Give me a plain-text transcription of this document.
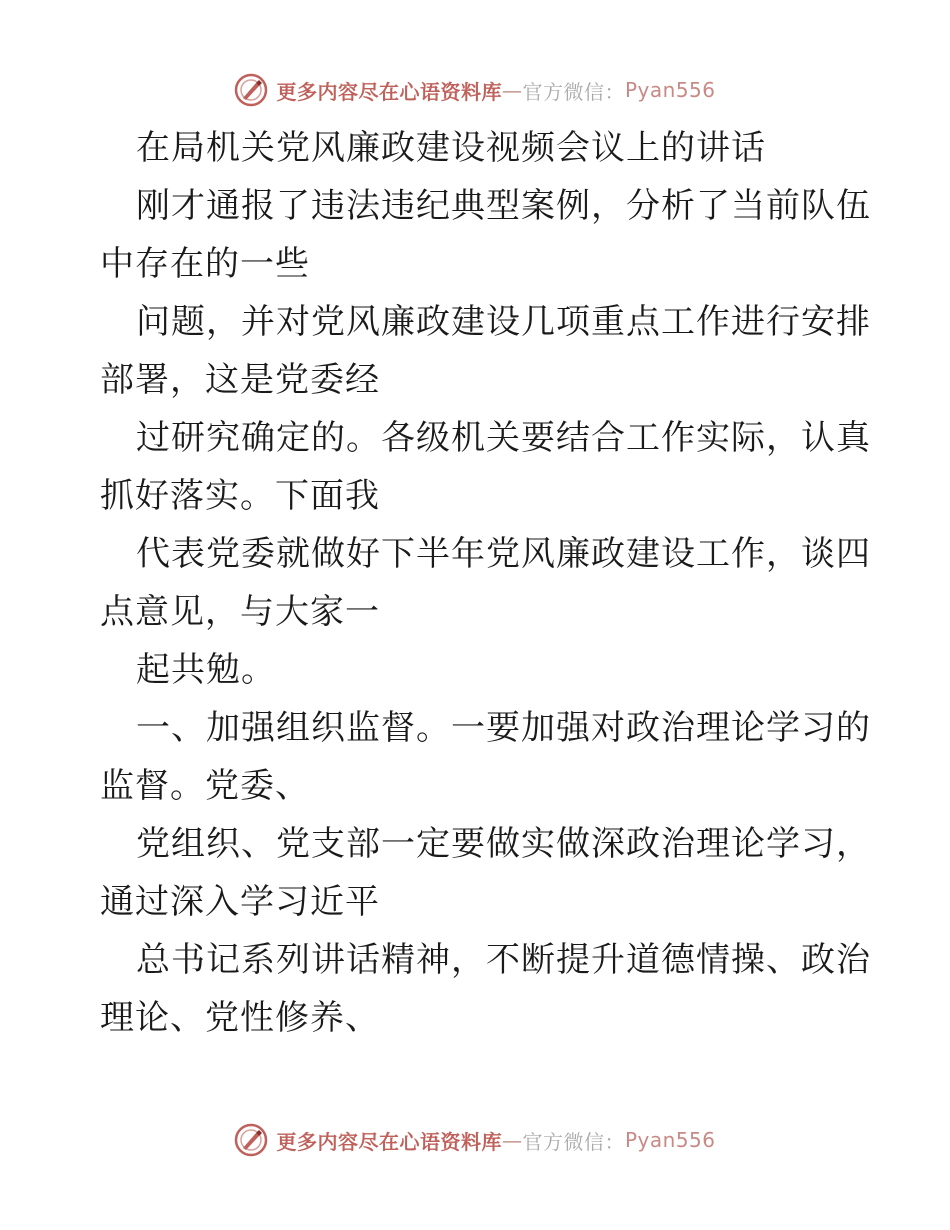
更多内容尽在心语资料库 — 官方微信： Pyan556
在局机关党风廉政建设视频会议上的讲话
刚才通报了违法违纪典型案例，分析了当前队伍
中存在的一些
问题，并对党风廉政建设几项重点工作进行安排
部署，这是党委经
过研究确定的。各级机关要结合工作实际，认真
抓好落实。下面我
代表党委就做好下半年党风廉政建设工作，谈四
点意见，与大家一
起共勉。
一、加强组织监督。一要加强对政治理论学习的
监督。党委、
党组织、党支部一定要做实做深政治理论学习，
通过深入学习近平
总书记系列讲话精神，不断提升道德情操、政治
理论、党性修养、
更多内容尽在心语资料库 — 官方微信： Pyan556
